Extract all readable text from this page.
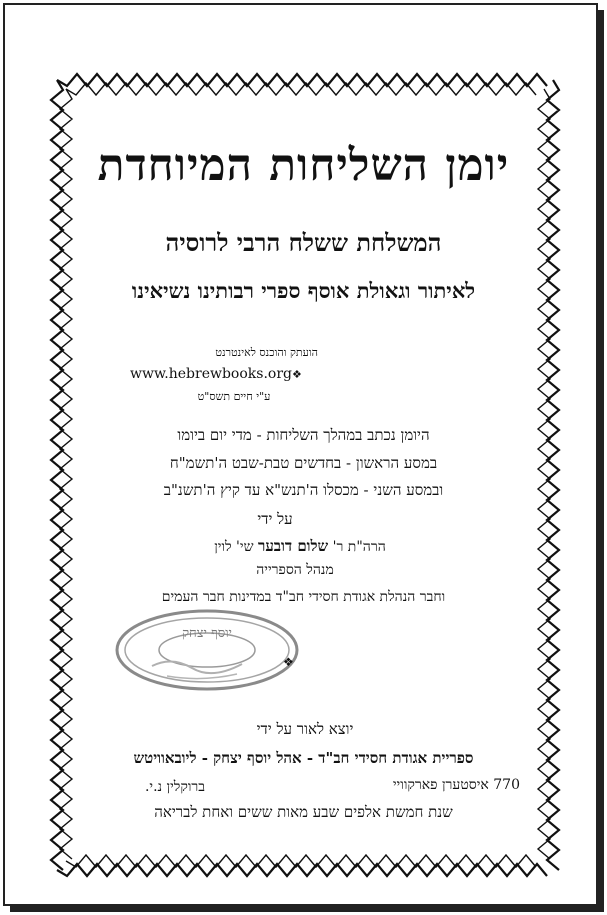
יומן השליחות המיוחדת
המשלחת ששלח הרבי לרוסיה
לאיתור וגאולת אוסף ספרי רבותינו נשיאינו
הועתק והוכנס לאינטרנט
www.hebrewbooks.org❖
ע"י חיים תשס"ט
היומן נכתב במהלך השליחות - מדי יום ביומו
במסע הראשון - בחדשים טבת-שבט ה'תשמ"ח
ובמסע השני - מכסלו ה'תנש"א עד קיץ ה'תשנ"ב
על ידי
הרה"ת ר' שלום דובער שי' לוין
מנהל הספרייה
וחבר הנהלת אגודת חסידי חב"ד במדינות חבר העמים
יוסף יצחק
❖
יוצא לאור על ידי
ספריית אגודת חסידי חב"ד - אהל יוסף יצחק - ליובאוויטש
770 איסטערן פארקוויי
ברוקלין נ.י.
שנת חמשת אלפים שבע מאות ששים ואחת לבריאה
